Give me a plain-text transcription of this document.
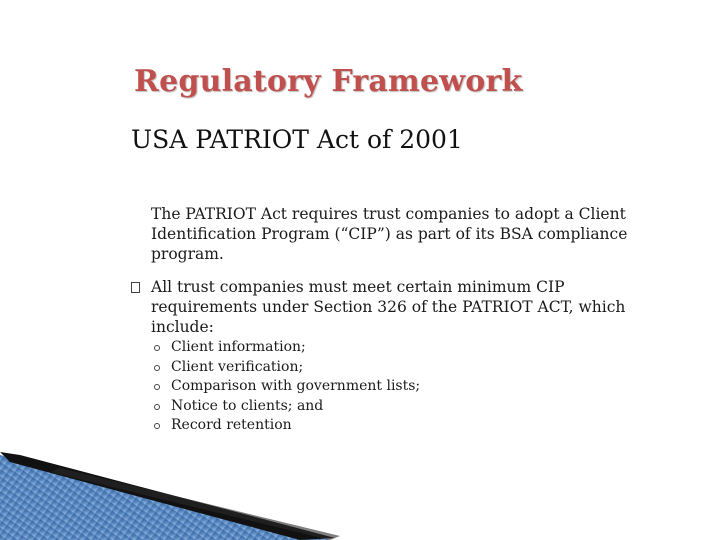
Regulatory Framework
USA PATRIOT Act of 2001
The PATRIOT Act requires trust companies to adopt a Client Identification Program (“CIP”) as part of its BSA compliance program.
All trust companies must meet certain minimum CIP requirements under Section 326 of the PATRIOT ACT, which include:
Client information;
Client verification;
Comparison with government lists;
Notice to clients; and
Record retention
